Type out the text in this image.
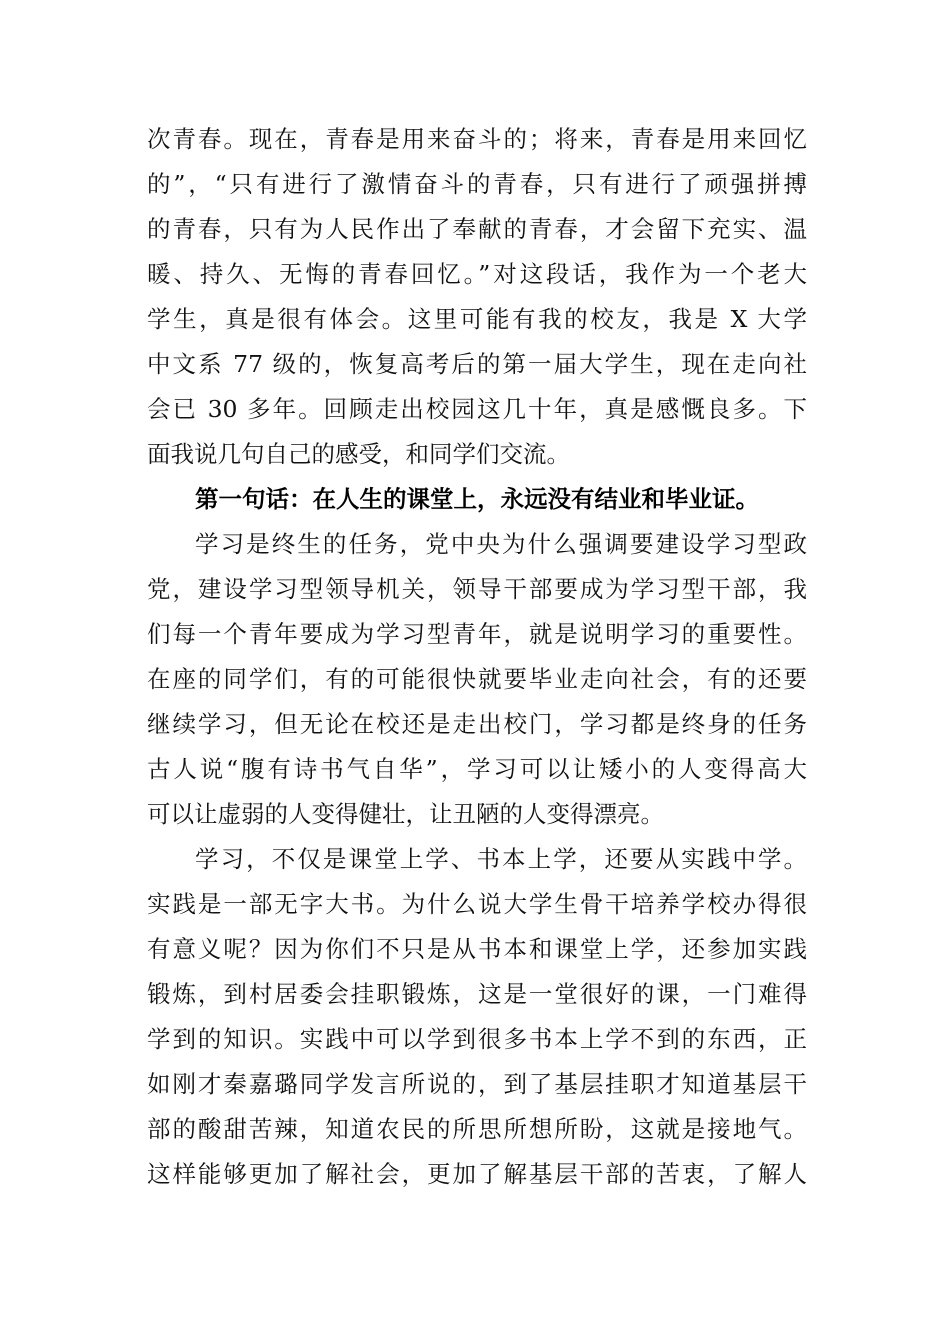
次青春。现在，青春是用来奋斗的；将来，青春是用来回忆
的”，“只有进行了激情奋斗的青春，只有进行了顽强拼搏
的青春，只有为人民作出了奉献的青春，才会留下充实、温
暖、持久、无悔的青春回忆。”对这段话，我作为一个老大
学生，真是很有体会。这里可能有我的校友，我是 X 大学
中文系 77 级的，恢复高考后的第一届大学生，现在走向社
会已 30 多年。回顾走出校园这几十年，真是感慨良多。下
面我说几句自己的感受，和同学们交流。
第一句话：在人生的课堂上，永远没有结业和毕业证。
学习是终生的任务，党中央为什么强调要建设学习型政
党，建设学习型领导机关，领导干部要成为学习型干部，我
们每一个青年要成为学习型青年，就是说明学习的重要性。
在座的同学们，有的可能很快就要毕业走向社会，有的还要
继续学习，但无论在校还是走出校门，学习都是终身的任务
古人说“腹有诗书气自华”，学习可以让矮小的人变得高大
可以让虚弱的人变得健壮，让丑陋的人变得漂亮。
学习，不仅是课堂上学、书本上学，还要从实践中学。
实践是一部无字大书。为什么说大学生骨干培养学校办得很
有意义呢？因为你们不只是从书本和课堂上学，还参加实践
锻炼，到村居委会挂职锻炼，这是一堂很好的课，一门难得
学到的知识。实践中可以学到很多书本上学不到的东西，正
如刚才秦嘉璐同学发言所说的，到了基层挂职才知道基层干
部的酸甜苦辣，知道农民的所思所想所盼，这就是接地气。
这样能够更加了解社会，更加了解基层干部的苦衷，了解人
